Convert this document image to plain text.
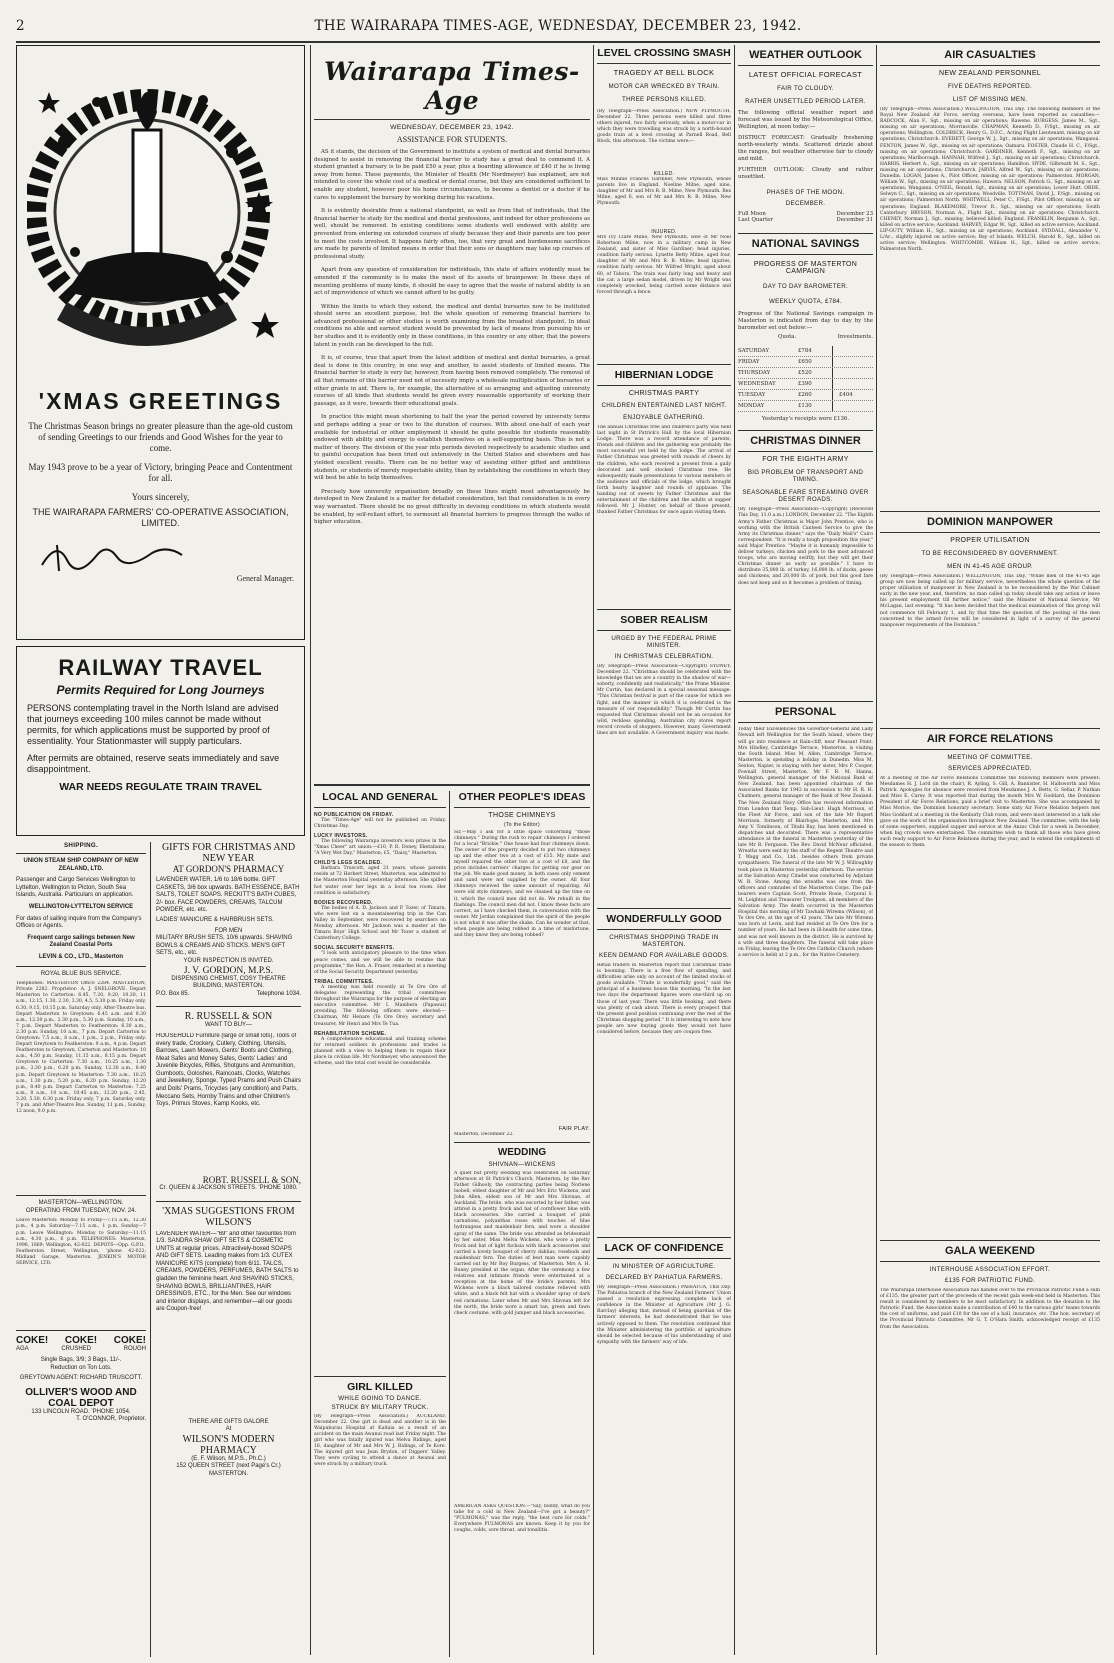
2	THE WAIRARAPA TIMES-AGE, WEDNESDAY, DECEMBER 23, 1942.
'XMAS GREETINGS
The Christmas Season brings no greater pleasure than the age-old custom of sending Greetings to our friends and Good Wishes for the year to come.
May 1943 prove to be a year of Victory, bringing Peace and Contentment for all.
Yours sincerely,
THE WAIRARAPA FARMERS' CO-OPERATIVE ASSOCIATION, LIMITED.
General Manager.
RAILWAY TRAVEL
Permits Required for Long Journeys
PERSONS contemplating travel in the North Island are advised that journeys exceeding 100 miles cannot be made without permits, for which applications must be supported by proof of essentiality. Your Stationmaster will supply particulars.
After permits are obtained, reserve seats immediately and save disappointment.
WAR NEEDS REGULATE TRAIN TRAVEL
SHIPPING.
UNION STEAM SHIP COMPANY OF NEW ZEALAND, LTD.
Passenger and Cargo Services Wellington to Lyttelton, Wellington to Picton, South Sea Islands, Australia. Particulars on application.
WELLINGTON-LYTTELTON SERVICE
For dates of sailing inquire from the Company's Offices or Agents.
Frequent cargo sailings between New Zealand Coastal Ports
LEVIN & CO., LTD., Masterton
ROYAL BLUE BUS SERVICE.
Telephones: MASTERTON Office 2284. MASTERTON, Private 2282. Proprietor: A. J. SNELGROVE. Depart Masterton to Carterton: 6.45, 7.20, 9.20, 10.30, 11 a.m., 12.15, 1.30, 2.30, 3.30, 4.5, 5.30 p.m. Friday only, 6.30, 9.15, 10.15 p.m. Saturday only, After-Theatre bus. Depart Masterton to Greytown: 6.45 a.m. and 8.30 a.m., 12.30 p.m., 2.30 p.m., 5.30 p.m. Sunday, 10 a.m., 7 p.m. Depart Masterton to Featherston: 6.30 a.m., 2.30 p.m. Sunday, 10 a.m., 7 p.m. Depart Carterton to Greytown: 7.5 a.m., 8 a.m., 1 p.m., 2 p.m., Friday only. Depart Greytown to Featherston: 9 a.m., 4 p.m. Depart Featherston to Greytown, Carterton and Masterton: 10 a.m., 4.50 p.m. Sunday, 11.15 a.m., 8.15 p.m. Depart Greytown to Carterton: 7.30 a.m., 10.25 a.m., 1.30 p.m., 3.30 p.m., 6.20 p.m. Sunday, 12.30 a.m., 8.40 p.m. Depart Greytown to Masterton: 7.30 a.m., 10.25 a.m., 1.30 p.m., 5.20 p.m., 6.20 p.m. Sunday, 12.20 p.m., 8.40 p.m. Depart Carterton to Masterton: 7.25 a.m., 8 a.m., 10 a.m., 10.45 a.m., 12.20 p.m., 2.45, 3.20, 5.30, 6.30 p.m. Friday only, 7 p.m. Saturday only, 7 p.m. and After-Theatre Bus. Sunday, 11 p.m., Sunday, 12 noon, 9.0 p.m.
MASTERTON—WELLINGTON.
OPERATING FROM TUESDAY, NOV. 24.
Leave Masterton: Monday to Friday—7.15 a.m., 12.30 p.m., 4 p.m. Saturday—7.15 a.m., 1 p.m. Sunday—7 p.m. Leave Wellington: Monday to Saturday—11.15 a.m., 4.30 p.m., 6 p.m. TELEPHONES: Masterton, 1996, 1869; Wellington, 42-022. DEPOTS—Opp. G.P.O., Featherston Street, Wellington, 'phone 42-022; Midland Garage, Masterton. JENKIN'S MOTOR SERVICE, LTD.
COKE! COKE! COKE!
AGA	CRUSHED	ROUGH
Single Bags, 3/9; 3 Bags, 11/-.
Reduction on Ton Lots.
GREYTOWN AGENT: RICHARD TRUSCOTT.
OLLIVER'S WOOD AND COAL DEPOT
133 LINCOLN ROAD. 'PHONE 1054.
T. O'CONNOR, Proprietor.
GIFTS FOR CHRISTMAS AND NEW YEAR
AT GORDON'S PHARMACY
LAVENDER WATER, 1/6 to 18/6 bottle. GIFT CASKETS, 3/6 box upwards. BATH ESSENCE, BATH SALTS, TOILET SOAPS. RECKITT'S BATH CUBES, 2/- box. FACE POWDERS, CREAMS, TALCUM POWDER, etc. etc.
LADIES' MANICURE & HAIRBRUSH SETS.
FOR MEN
MILITARY BRUSH SETS, 10/6 upwards. SHAVING BOWLS & CREAMS AND STICKS. MEN'S GIFT SETS, etc., etc.
YOUR INSPECTION IS INVITED.
J. V. GORDON, M.P.S.
DISPENSING CHEMIST, COSY THEATRE BUILDING, MASTERTON.
P.O. Box 85.	Telephone 1034.
R. RUSSELL & SON
WANT TO BUY—
HOUSEHOLD Furniture (large or small lots), Tools of every trade, Crockery, Cutlery, Clothing, Utensils, Barrows, Lawn Mowers, Gents' Boots and Clothing, Meat Safes and Money Safes, Gents' Ladies' and Juvenile Bicycles, Rifles, Shotguns and Ammunition, Gumboots, Goloshes, Raincoats, Clocks, Watches and Jewellery, Sponge, Typed Prams and Push Chairs and Dolls' Prams, Tricycles (any condition) and Parts, Meccano Sets, Hornby Trains and other Children's Toys, Primus Stoves, Kamp Kooks, etc.
ROBT. RUSSELL & SON,
Cr. QUEEN & JACKSON STREETS. 'PHONE 1080.
'XMAS SUGGESTIONS FROM WILSON'S
LAVENDER WATER—"69" and other favourites from 1/3. SANDRA SHAW GIFT SETS & COSMETIC UNITS at regular prices. Attractively-boxed SOAPS AND GIFT SETS. Leading makes from 1/3. CUTEX MANICURE KITS (complete) from 6/11. TALCS, CREAMS, POWDERS, PERFUMES, BATH SALTS to gladden the feminine heart. And SHAVING STICKS, SHAVING BOWLS, BRILLIANTINES, HAIR DRESSINGS, ETC., for the Men. See our windows and interior displays, and remember—all our goods are Coupon-free!
THERE ARE GIFTS GALORE
At
WILSON'S MODERN PHARMACY
(E. F. Wilson, M.P.S., Ph.C.)
152 QUEEN STREET (next Page's Cr.) MASTERTON.
Wairarapa Times-Age
WEDNESDAY, DECEMBER 23, 1942.
ASSISTANCE FOR STUDENTS.

AS it stands, the decision of the Government to institute a system of medical and dental bursaries designed to assist in removing the financial barrier to study has a great deal to commend it. A student granted a bursary is to be paid £50 a year, plus a boarding allowance of £40 if he is living away from home. These payments, the Minister of Health (Mr Nordmeyer) has explained, are not intended to cover the whole cost of a medical or dental course, but they are considered sufficient to enable any student, however poor his home circumstances, to become a dentist or a doctor if he cares to supplement the bursary by working during his vacations.

It is evidently desirable from a national standpoint, as well as from that of individuals, that the financial barrier to study for the medical and dental professions, and indeed for other professions as well, should be removed. In existing conditions some students well endowed with ability are prevented from entering on extended courses of study because they and their parents are too poor to meet the costs involved. It happens fairly often, too, that very great and burdensome sacrifices are made by parents of limited means in order that their sons or daughters may take up courses of professional study.

Apart from any question of consideration for individuals, this state of affairs evidently must be amended if the community is to make the most of its assets of brainpower. In these days of mounting problems of many kinds, it should be easy to agree that the waste of natural ability is an act of improvidence of which we cannot afford to be guilty.

Within the limits to which they extend, the medical and dental bursaries now to be instituted should serve an excellent purpose, but the whole question of removing financial barriers to advanced professional or other studies is worth examining from the broadest standpoint. In ideal conditions no able and earnest student would be prevented by lack of means from pursuing his or her studies and it is evidently only in these conditions, in this country or any other, that the powers latent in youth can be developed to the full.

It is, of course, true that apart from the latest addition of medical and dental bursaries, a great deal is done in this country, in one way and another, to assist students of limited means. The financial barrier to study is very far, however, from having been removed completely. The removal of all that remains of this barrier need not of necessity imply a wholesale multiplication of bursaries or other grants in aid. There is, for example, the alternative of so arranging and adjusting university courses of all kinds that students would be given every reasonable opportunity of working their passage, as it were, towards their educational goals.

In practice this might mean shortening to half the year the period covered by university terms and perhaps adding a year or two to the duration of courses. With about one-half of each year available for industrial or other employment it should be quite possible for students reasonably endowed with ability and energy to establish themselves on a self-supporting basis. This is not a matter of theory. The division of the year into periods devoted respectively to academic studies and to gainful occupation has been tried out extensively in the United States and elsewhere and has yielded excellent results. There can be no better way of assisting either gifted and ambitious students, or students of merely respectable ability, than by establishing the conditions in which they will best be able to help themselves.

Precisely how university organisation broadly on these lines might most advantageously be developed in New Zealand is a matter for detailed consideration, but that consideration is in every way warranted. There should be no great difficulty in devising conditions in which students would be enabled, by self-reliant effort, to surmount all financial barriers to progress through the walks of higher education.

LOCAL AND GENERAL
NO PUBLICATION ON FRIDAY.

The "Times-Age" will not be published on Friday, Christmas Day.

LUCKY INVESTORS.

The following Wairarapa investors won prizes in the "Xmas Cheer" art union:—£10, P. R. Doney, Eketahuna; "A Very Wet Day," Masterton; £5, "Daisy," Masterton.

CHILD'S LEGS SCALDED.

Barbara Truscott, aged 21 years, whose parents reside at 72 Herbert Street, Masterton, was admitted to the Masterton Hospital yesterday afternoon. She spilled hot water over her legs in a local tea room. Her condition is satisfactory.

BODIES RECOVERED.

The bodies of A. D. Jackson and P. Tozer, of Timaru, who were lost on a mountaineering trip in the Can Valley in September, were recovered by searchers on Monday afternoon. Mr Jackson was a master at the Timaru Boys' High School and Mr Tozer a student of Canterbury College.

SOCIAL SECURITY BENEFITS.

"I look with anticipatory pleasure to the time when peace comes, and we will be able to resume that programme," the Hon. A. Fraser, remarked at a meeting of the Social Security Department yesterday.

TRIBAL COMMITTEES.

A meeting was held recently at Te Ore Ore of delegates representing the tribal committees throughout the Wairarapa for the purpose of electing an executive committee. Mr I. Manihera (Papawai) presiding. The following officers were elected:—Chairman, Mr Henare (Te Ore Ore); secretary and treasurer, Mr Henri and Mrs Te Tua.

REHABILITATION SCHEME.

A comprehensive educational and training scheme for returned soldiers in professions and trades is planned with a view to helping them to regain their place in civilian life. Mr Nordmeyer, who announced the scheme, said the total cost would be considerable.

GIRL KILLED
WHILE GOING TO DANCE.
STRUCK BY MILITARY TRUCK.
(By Telegraph—Press Association.) AUCKLAND, December 22. One girl is dead and another is in the Waipukurau Hospital at Kaitaia as a result of an accident on the main Awanui road last Friday night. The girl who was fatally injured was Melva Ridings, aged 18, daughter of Mr and Mrs W. J. Ridings, of Te Kore. The injured girl was Jean Brydon, of Diggers' Valley. They were cycling to attend a dance at Awanui and were struck by a military truck.
OTHER PEOPLE'S IDEAS
THOSE CHIMNEYS
(To the Editor)
Sir,—May I ask for a little space concerning "those chimneys." During the rush to repair chimneys I ordered for a local "Brickie." One house had four chimneys down. The owner of the property decided to put two chimneys up and the other two at a cost of £15. My mate and myself repaired the other two at a cost of £8, and the price includes carriers' charges for getting our gear on the job. We made good money, in both cases only cement and sand were not supplied by the owner. All four chimneys received the same amount of repairing. All were old style chimneys, and we cleaned up the time on it, which the council men did not do. We rebuilt in the flashings. The council men did not. I know these facts are correct, as I have checked them, in conversation with the owner. Mr Jordan complained that the spirit of the people is not what it was after the shake. Can he wonder at that, when people are being robbed in a time of misfortune, and they know they are being robbed?
FAIR PLAY.
Masterton, December 22.
WEDDING
SHIVNAN—WICKENS
A quiet but pretty wedding was celebrated on Saturday afternoon at St Patrick's Church, Masterton, by the Rev Father Gilhooly, the contracting parties being Norlene Isobell, eldest daughter of Mr and Mrs Eric Wickens, and John Allen, eldest son of Mr and Mrs Shivnan, of Auckland. The bride, who was escorted by her father, was attired in a pretty frock and hat of cornflower blue with black accessories. She carried a bouquet of pink carnations, polyanthas roses with touches of blue hydrangeas and maidenhair fern, and wore a shoulder spray of the same. The bride was attended as bridesmaid by her sister, Miss Melva Wickens, who wore a pretty frock and hat of light fuchsia with black accessories and carried a lovely bouquet of cherry dahlias, rosebuds and maidenhair fern. The duties of best man were capably carried out by Mr Roy Burgess, of Masterton. Mrs A. H. Bunny presided at the organ. After the ceremony a few relatives and intimate friends were entertained at a reception at the home of the bride's parents. Mrs Wickens wore a black tailored costume relieved with white, and a black felt hat with a shoulder spray of dark red carnations. Later when Mr and Mrs Shivnan left for the north, the bride wore a smart tan, green and fawn check costume, with gold jumper and black accessories.
AMERICAN ASKS QUESTION.—"Say, buddy, what do you take for a cold in New Zealand—I've got a beauty?" "PULMONAS," was the reply, "the best cure for colds." Everywhere PULMONAS are known. Keep it by you for coughs, colds, sore throat, and tonsilitis.
LEVEL CROSSING SMASH
TRAGEDY AT BELL BLOCK
MOTOR CAR WRECKED BY TRAIN.
THREE PERSONS KILLED.
(By Telegraph—Press Association.) NEW PLYMOUTH, December 22. Three persons were killed and three others injured, two fairly seriously, when a motor-car in which they were travelling was struck by a north-bound goods train at a level crossing at Parnell Road, Bell Block, this afternoon. The victims were:—
KILLED.
Miss Minnie Frances Gardiner, New Plymouth, whose parents live in England. Noeline Milne, aged nine, daughter of Mr and Mrs R. B. Milne, New Plymouth. Rex Milne, aged 6, son of Mr and Mrs R. B. Milne, New Plymouth.
INJURED.
Mrs Ivy Clare Milne, New Plymouth, wife of Mr Noel Robertson Milne, now in a military camp in New Zealand, and sister of Miss Gardiner; head injuries, condition fairly serious. Lynette Betty Milne, aged four, daughter of Mr and Mrs R. B. Milne; head injuries, condition fairly serious. Mr Wilfred Wright, aged about 60, of Tahora. The train was fairly long and heavy and the car, a large sedan model, driven by Mr Wright was completely wrecked, being carried some distance and forced through a fence.
HIBERNIAN LODGE
CHRISTMAS PARTY
CHILDREN ENTERTAINED LAST NIGHT.
ENJOYABLE GATHERING.
The annual Christmas tree and children's party was held last night in St Patrick's Hall by the local Hibernian Lodge. There was a record attendance of parents, friends and children and the gathering was probably the most successful yet held by the lodge. The arrival of Father Christmas was greeted with rounds of cheers by the children, who each received a present from a gaily decorated and well stocked Christmas tree. He subsequently made presentations to various members of the audience and officials of the lodge, which brought forth hearty laughter and rounds of applause. The handing out of sweets by Father Christmas and the entertainment of the children and the adults at supper followed. Mr J. Hunter, on behalf of those present, thanked Father Christmas for once again visiting them.
SOBER REALISM
URGED BY THE FEDERAL PRIME MINISTER.
IN CHRISTMAS CELEBRATION.
(By Telegraph—Press Association—Copyright) SYDNEY, December 22. "Christmas should be celebrated with the knowledge that we are a country in the shadow of war—soberly, confidently and realistically," the Prime Minister, Mr Curtin, has declared in a special seasonal message. "This Christian festival is part of the cause for which we fight, and the manner in which it is celebrated is the measure of our responsibility." Though Mr Curtin has requested that Christmas should not be an occasion for wild, reckless spending, Australian city stores report record crowds of shoppers. However, many Government lines are not available. A Government inquiry was made.
WONDERFULLY GOOD
CHRISTMAS SHOPPING TRADE IN MASTERTON.
KEEN DEMAND FOR AVAILABLE GOODS.
Retail traders in Masterton report that Christmas trade is booming. There is a free flow of spending, and difficulties arise only on account of the limited stocks of goods available. "Trade is wonderfully good," said the principal of a business house this morning. "In the last two days the department figures were one-third up on those of last year. There was little booking, and there was plenty of cash about. There is every prospect that the present good position continuing over the rest of the Christmas shopping period." It is interesting to note how people are now buying goods they would not have considered before, because they are coupon free.
LACK OF CONFIDENCE
IN MINISTER OF AGRICULTURE.
DECLARED BY PAHIATUA FARMERS.
(By Telegraph—Press Association.) PAHIATUA, This Day. The Pahiatua branch of the New Zealand Farmers' Union passed a resolution expressing complete lack of confidence in the Minister of Agriculture (Mr J. G. Barclay) alleging that, instead of being guardian of the farmers' interests, he had demonstrated that he was actively opposed to them. The resolution continued that the Minister administering the portfolio of agriculture should be selected because of his understanding of and sympathy with the farmers' way of life.
WEATHER OUTLOOK
LATEST OFFICIAL FORECAST
FAIR TO CLOUDY.
RATHER UNSETTLED PERIOD LATER.
The following official weather report and forecast was issued by the Meteorological Office, Wellington, at noon today:—
DISTRICT FORECAST: Gradually freshening north-westerly winds. Scattered drizzle about the ranges, but weather otherwise fair to cloudy and mild.
FURTHER OUTLOOK: Cloudy and rather unsettled.
PHASES OF THE MOON.
DECEMBER.
Full Moon	December 23
Last Quarter	December 31
NATIONAL SAVINGS
PROGRESS OF MASTERTON CAMPAIGN
DAY TO DAY BAROMETER.
WEEKLY QUOTA, £784.
Progress of the National Savings campaign in Masterton is indicated from day to day by the barometer set out below:—
Quota.	Investments.
SATURDAY	£784
FRIDAY	£650
THURSDAY	£520
WEDNESDAY	£390
TUESDAY	£260	£404
MONDAY	£130
Yesterday's receipts were £136.
CHRISTMAS DINNER
FOR THE EIGHTH ARMY
BIG PROBLEM OF TRANSPORT AND TIMING.
SEASONABLE FARE STREAMING OVER DESERT ROADS.
(By Telegraph—Press Association—Copyright) (Received This Day, 11.0 a.m.) LONDON, December 22. "The Eighth Army's Father Christmas is Major John Prentice, who is working with the British Canteen Service to give the Army its Christmas dinner," says the "Daily Mail's" Cairo correspondent. "It is really a tough proposition this year," said Major Prentice. "Maybe it is humanly impossible to deliver turkeys, chicken and pork to the most advanced troops, who are moving swiftly, but they will get their Christmas dinner as early as possible." I have to distribute 35,000 lb. of turkey, 16,000 lb. of ducks, geese and chickens, and 20,000 lb. of pork, but this good fare does not keep and so it becomes a problem of timing.
PERSONAL
Today their Excellencies the Governor-General and Lady Newall left Wellington for the South Island, where they will go into residence at Rain-cliff, near Pleasant Point. Mrs Hindley, Cambridge Terrace, Masterton, is visiting the South Island. Miss M. Allen, Cambridge Terrace, Masterton, is spending a holiday in Dunedin. Miss M. Sexton, Napier, is staying with her sister, Mrs P. Cooper, Pownall Street, Masterton. Mr F. R. M. Hanna, Wellington, general manager of the National Bank of New Zealand, has been appointed chairman of the Associated Banks for 1943 in succession to Mr H. R. H. Chalmers, general manager of the Bank of New Zealand. The New Zealand Navy Office has received information from London that Temp. Sub-Lieut. Hugh Morrison, of the Fleet Air Force, and son of the late Mr Rupert Morrison, formerly of Blairlogie, Masterton, and Mrs Amy V. Tomlinson, of Titahi Bay, has been mentioned in dispatches and decorated. There was a representative attendance at the funeral in Masterton yesterday of the late Mr R. Ferguson. The Rev. David McNeur officiated. Wreaths were sent by the staff of the Regent Theatre and T. Wagg and Co., Ltd., besides others from private sympathisers. The funeral of the late Mr W. J. Willoughby took place in Masterton yesterday afternoon. The service at the Salvation Army Citadel was conducted by Adjutant W. B. Stone. Among the wreaths was one from the officers and comrades of the Masterton Corps. The pall-bearers were Captain Scott, Private Rosie, Corporal S. M. Leighton and Treasurer Trodgeon, all members of the Salvation Army. The death occurred in the Masterton Hospital this morning of Mr Tawhaki Wiremu (Wilson), of Te Ore Ore, at the age of 42 years. The late Mr Wiremu was born at Levin, and had resided at Te Ore Ore for a number of years. He had been in ill-health for some time, and was not well known in the district. He is survived by a wife and three daughters. The funeral will take place on Friday, leaving the Te Ore Ore Catholic Church (where a service is held) at 2 p.m., for the Native Cemetery.
AIR CASUALTIES
NEW ZEALAND PERSONNEL
FIVE DEATHS REPORTED.
LIST OF MISSING MEN.
(By Telegraph—Press Association.) WELLINGTON, This Day. The following members of the Royal New Zealand Air Force, serving overseas, have been reported as casualties:— BADCOCK, Alan F., Sgt., missing on air operations; Rawene. BURGESS, James M., Sgt., missing on air operations; Morrinsville. CHAPMAN, Kenneth D., F/Sgt., missing on air operations; Wellington. COLDBECK, Henry G., D.F.C., Acting Flight Lieutenant, missing on air operations; Christchurch. EVERETT, George W. J., Sgt., missing on air operations; Wanganui. FENTON, James W., Sgt., missing on air operations; Oamaru. FOSTER, Claude H. C., F/Sgt., missing on air operations; Christchurch. GARDINER, Kenneth F., Sgt., missing on air operations; Marlborough. HANNAH, Wilfred J., Sgt., missing on air operations; Christchurch. HARRIS, Herbert A., Sgt., missing on air operations; Hamilton. HYDE, Gilbreath M. S., Sgt., missing on air operations; Christchurch. JARVIS, Alfred W., Sgt., missing on air operations; Dunedin. LOGAN, James A., Pilot Officer, missing on air operations; Palmerston. MORGAN, William W., Sgt., missing on air operations; Hawera. NELSON, Patrick G., Sgt., missing on air operations; Wanganui. O'NEIL, Ronald, Sgt., missing on air operations; Lower Hutt. ORDE, Selwyn C., Sgt., missing on air operations; Woodville. TOTTMAN, David J., F/Sgt., missing on air operations; Palmerston North. WHITWELL, Peter C., F/Sgt., Pilot Officer, missing on air operations; England. BLAKEMORE, Trevor R., Sgt., missing on air operations; South Canterbury. BRYSON, Norman A., Flight Sgt., missing on air operations; Christchurch. CHENEY, Norman J., Sgt., missing, believed killed; England. FRANKLIN, Benjamin A., Sgt., killed on active service; Auckland. HARVEY, Edgar W., Sgt., killed on active service; Auckland. LIP-GUTY, William H., Sgt., missing on air operations; Auckland. SYDDALL, Alexander V., L/Ac., slightly injured on active service; Bay of Islands. WELCH, Harold R., Sgt., killed on active service; Wellington. WHITCOMBE, William H., Sgt., killed on active service; Palmerston North.
DOMINION MANPOWER
PROPER UTILISATION
TO BE RECONSIDERED BY GOVERNMENT.
MEN IN 41-45 AGE GROUP.
(By Telegraph—Press Association.) WELLINGTON, This Day. "While men of the 41-45 age group are now being called up for military service, nevertheless the whole question of the proper utilisation of manpower in New Zealand is to be reconsidered by the War Cabinet early in the new year, and, therefore, no man called up today should take any action or leave his present employment till further notice," said the Minister of National Service, Mr McLagan, last evening. "It has been decided that the medical examination of this group will not commence till February 1, and by that time the question of the posting of the men concerned to the armed forces will be considered in light of a survey of the general manpower requirements of the Dominion."
AIR FORCE RELATIONS
MEETING OF COMMITTEE.
SERVICES APPRECIATED.
At a meeting of the Air Force Relations Committee the following members were present: Mesdames H. J. Lord (in the chair), R. Ayling, S. Gill, A. Bannister, H. Hallsworth and Miss Patrick. Apologies for absence were received from Mesdames J. A. Betts, G. Sellar, P. Nathan and Miss E. Carey. It was reported that during the month Mrs W. Goddard, the Dominion President of Air Force Relations, paid a brief visit to Masterton. She was accompanied by Miss Morice, the Dominion honorary secretary. Some sixty Air Force Relation helpers met Miss Goddard at a meeting in the Kenburly Club room, and were most interested in a talk she gave on the work of the organisation throughout New Zealand. The committee, with the help of some supporters, supplied supper and service at the Anzac Club for a week in December, when big crowds were entertained. The committee wish to thank all those who have given such ready support to Air Force Relations during the year, and to extend the compliments of the season to them.
GALA WEEKEND
INTERHOUSE ASSOCIATION EFFORT.
£135 FOR PATRIOTIC FUND.
The Wairarapa Interhouse Association has handed over to the Provincial Patriotic Fund a sum of £135, the greater part of the proceeds of the recent gala week-end held in Masterton. This result is considered by members to be most satisfactory. In addition to the donation to the Patriotic Fund, the Association made a contribution of £40 to the various girls' teams towards the cost of uniforms, and paid £10 for the use of a hall, insurance, etc. The hon. secretary of the Provincial Patriotic Committee, Mr G. T. O'Hara Smith, acknowledged receipt of £135 from the Association.
